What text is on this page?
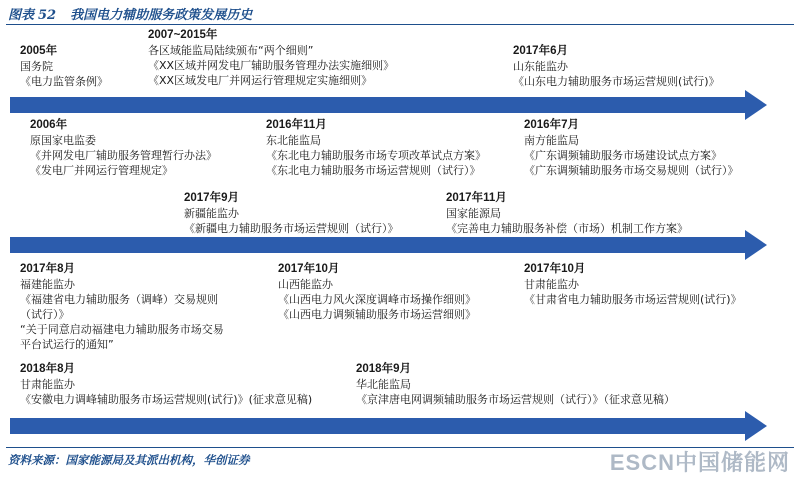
图表 52 我国电力辅助服务政策发展历史
2005年
国务院
《电力监管条例》
2007~2015年
各区域能监局陆续颁布“两个细则”
《XX区域并网发电厂辅助服务管理办法实施细则》
《XX区域发电厂并网运行管理规定实施细则》
2017年6月
山东能监办
《山东电力辅助服务市场运营规则(试行)》
2006年
原国家电监委
《并网发电厂辅助服务管理暂行办法》
《发电厂并网运行管理规定》
2016年11月
东北能监局
《东北电力辅助服务市场专项改革试点方案》
《东北电力辅助服务市场运营规则（试行）》
2016年7月
南方能监局
《广东调频辅助服务市场建设试点方案》
《广东调频辅助服务市场交易规则（试行）》
2017年9月
新疆能监办
《新疆电力辅助服务市场运营规则（试行）》
2017年11月
国家能源局
《完善电力辅助服务补偿（市场）机制工作方案》
2017年8月
福建能监办
《福建省电力辅助服务（调峰）交易规则
（试行）》
“关于同意启动福建电力辅助服务市场交易
平台试运行的通知”
2017年10月
山西能监办
《山西电力风火深度调峰市场操作细则》
《山西电力调频辅助服务市场运营细则》
2017年10月
甘肃能监办
《甘肃省电力辅助服务市场运营规则(试行)》
2018年8月
甘肃能监办
《安徽电力调峰辅助服务市场运营规则(试行)》(征求意见稿)
2018年9月
华北能监局
《京津唐电网调频辅助服务市场运营规则（试行）》（征求意见稿）
资料来源：国家能源局及其派出机构，华创证券	ESCN中国储能网
